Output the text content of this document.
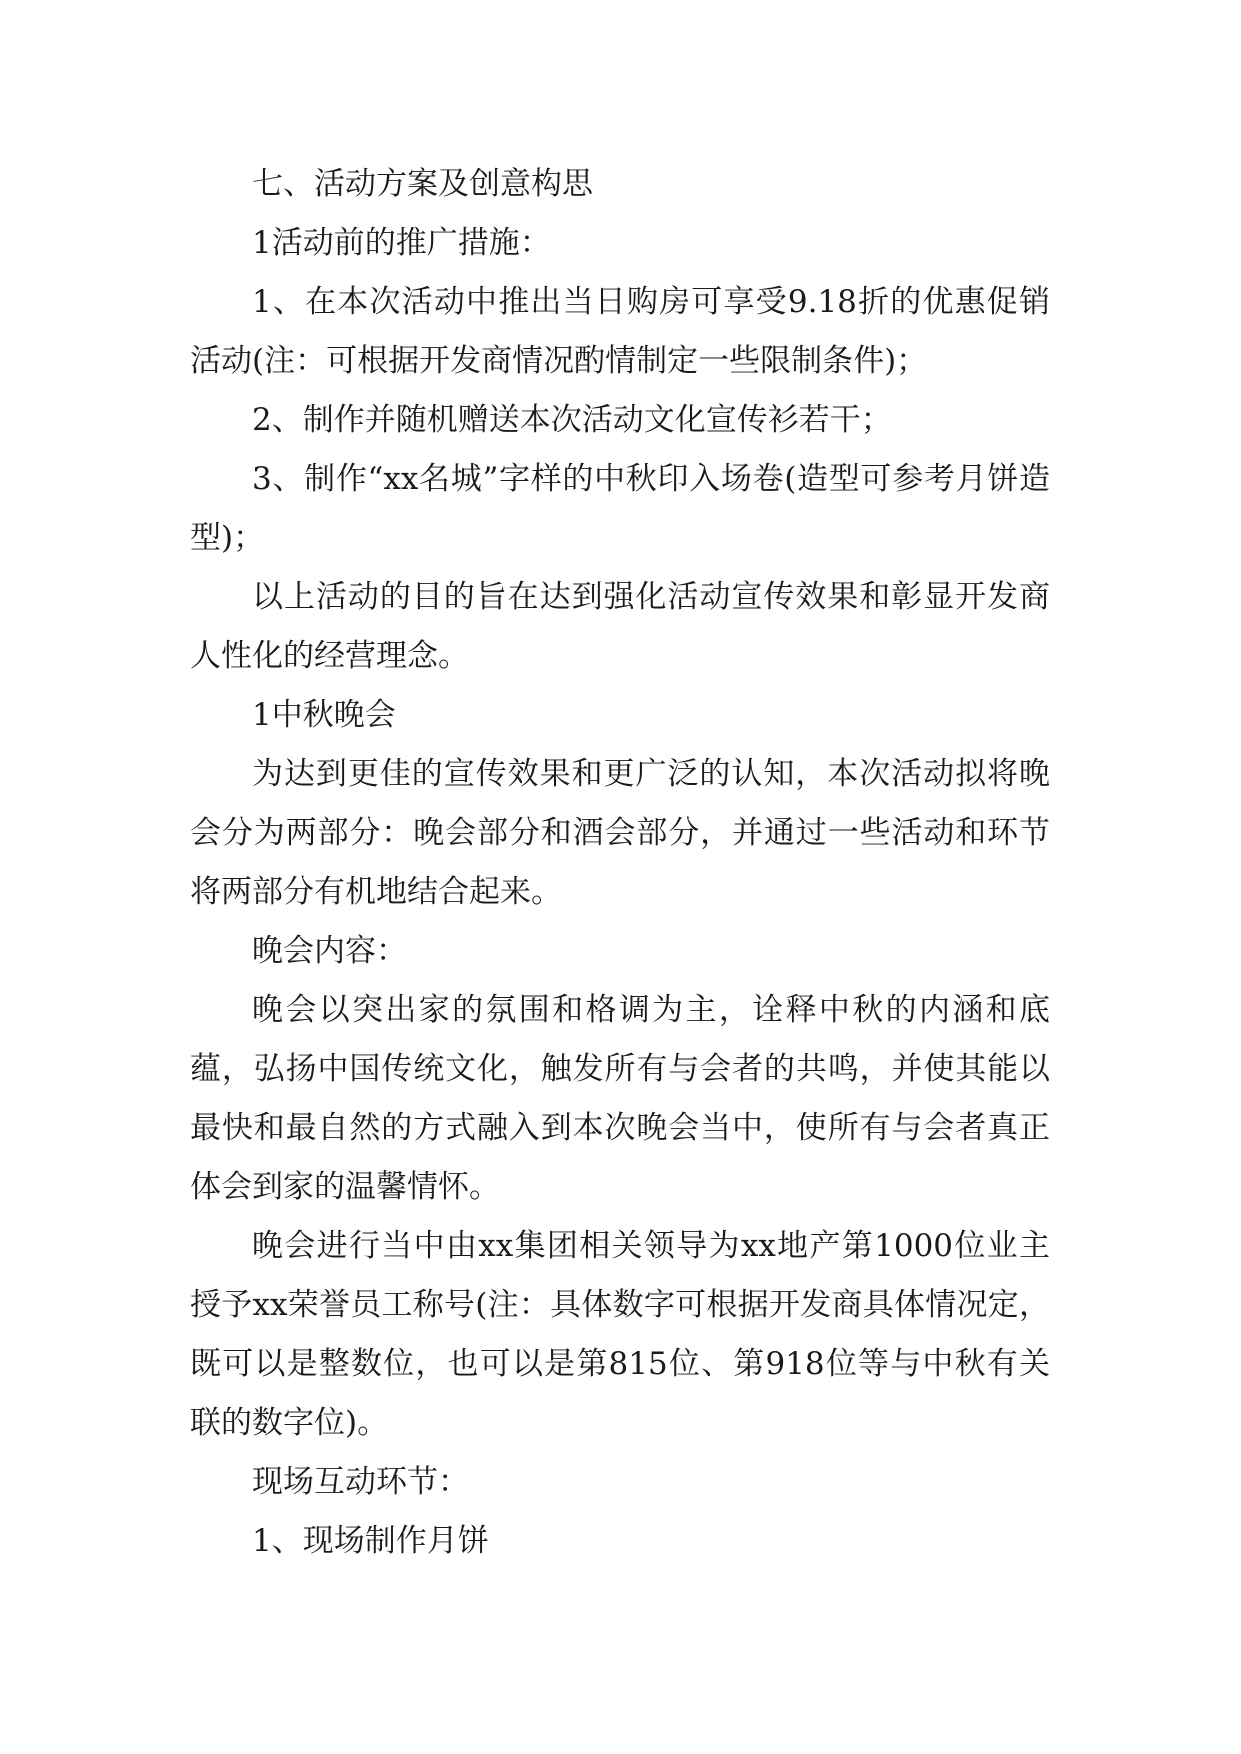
七、活动方案及创意构思

1活动前的推广措施：

1、在本次活动中推出当日购房可享受9.18折的优惠促销活动(注：可根据开发商情况酌情制定一些限制条件)；

2、制作并随机赠送本次活动文化宣传衫若干；

3、制作“xx名城”字样的中秋印入场卷(造型可参考月饼造型)；

以上活动的目的旨在达到强化活动宣传效果和彰显开发商人性化的经营理念。

1中秋晚会

为达到更佳的宣传效果和更广泛的认知，本次活动拟将晚会分为两部分：晚会部分和酒会部分，并通过一些活动和环节将两部分有机地结合起来。

晚会内容：

晚会以突出家的氛围和格调为主，诠释中秋的内涵和底蕴，弘扬中国传统文化，触发所有与会者的共鸣，并使其能以最快和最自然的方式融入到本次晚会当中，使所有与会者真正体会到家的温馨情怀。

晚会进行当中由xx集团相关领导为xx地产第1000位业主授予xx荣誉员工称号(注：具体数字可根据开发商具体情况定，既可以是整数位，也可以是第815位、第918位等与中秋有关联的数字位)。

现场互动环节：

1、现场制作月饼
